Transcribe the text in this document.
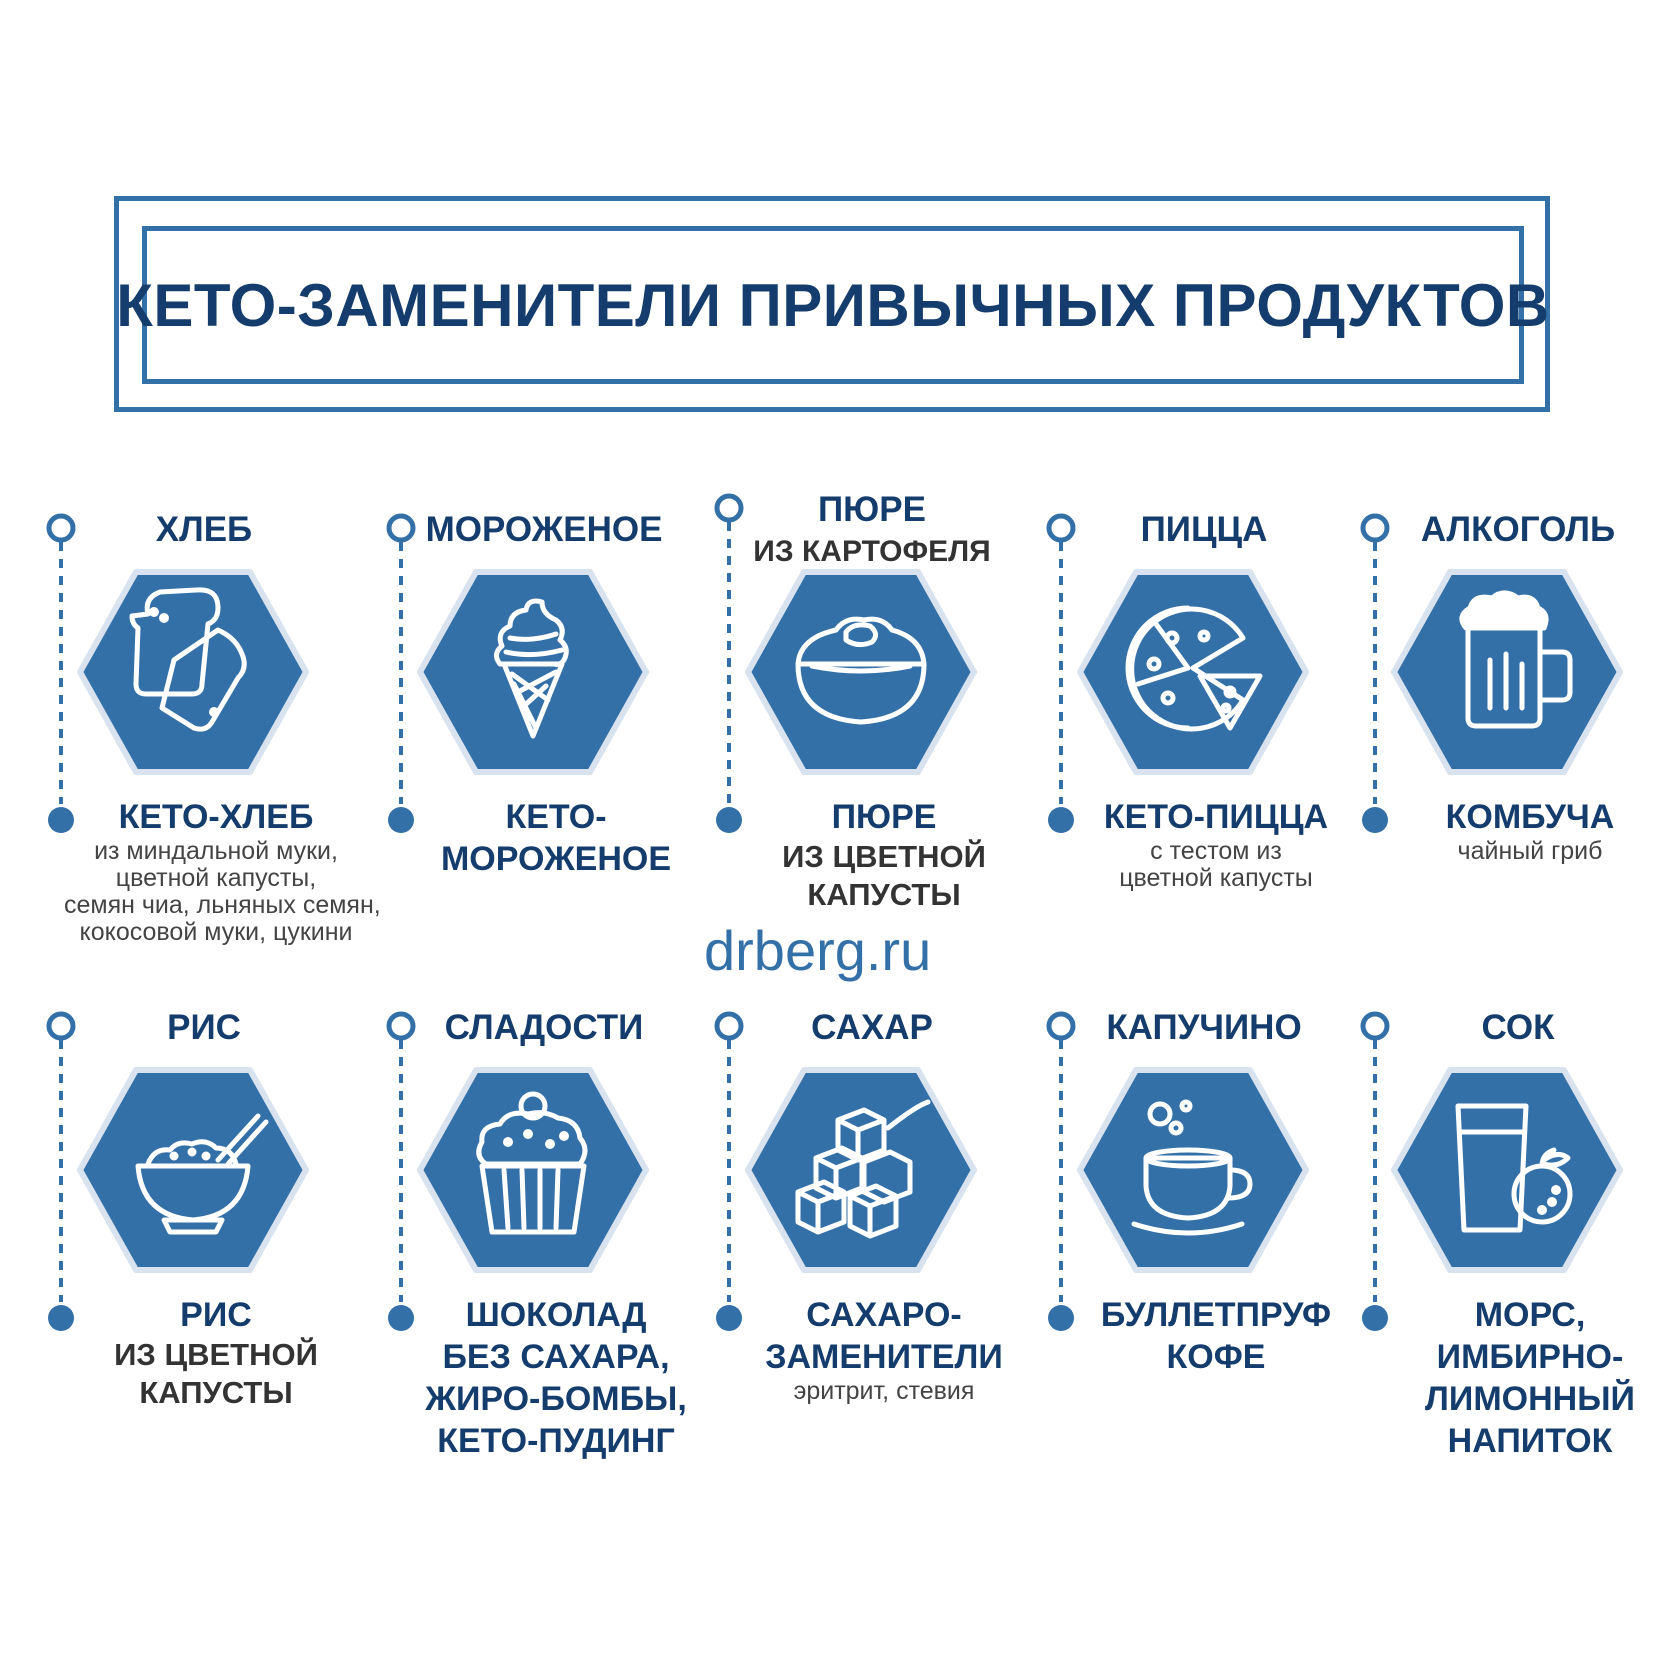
КЕТО-ЗАМЕНИТЕЛИ ПРИВЫЧНЫХ ПРОДУКТОВ
drberg.ru
ХЛЕБ
КЕТО-ХЛЕБ
из миндальной муки,
цветной капусты,
семян чиа, льняных семян,
кокосовой муки, цукини
МОРОЖЕНОЕ
КЕТО-
МОРОЖЕНОЕ
ПЮРЕ
ИЗ КАРТОФЕЛЯ
ПЮРЕ
ИЗ ЦВЕТНОЙ
КАПУСТЫ
ПИЦЦА
КЕТО-ПИЦЦА
с тестом из
цветной капусты
АЛКОГОЛЬ
КОМБУЧА
чайный гриб
РИС
РИС
ИЗ ЦВЕТНОЙ
КАПУСТЫ
СЛАДОСТИ
ШОКОЛАД
БЕЗ САХАРА,
ЖИРО-БОМБЫ,
КЕТО-ПУДИНГ
САХАР
САХАРО-
ЗАМЕНИТЕЛИ
эритрит, стевия
КАПУЧИНО
БУЛЛЕТПРУФ
КОФЕ
СОК
МОРС,
ИМБИРНО-
ЛИМОННЫЙ
НАПИТОК
